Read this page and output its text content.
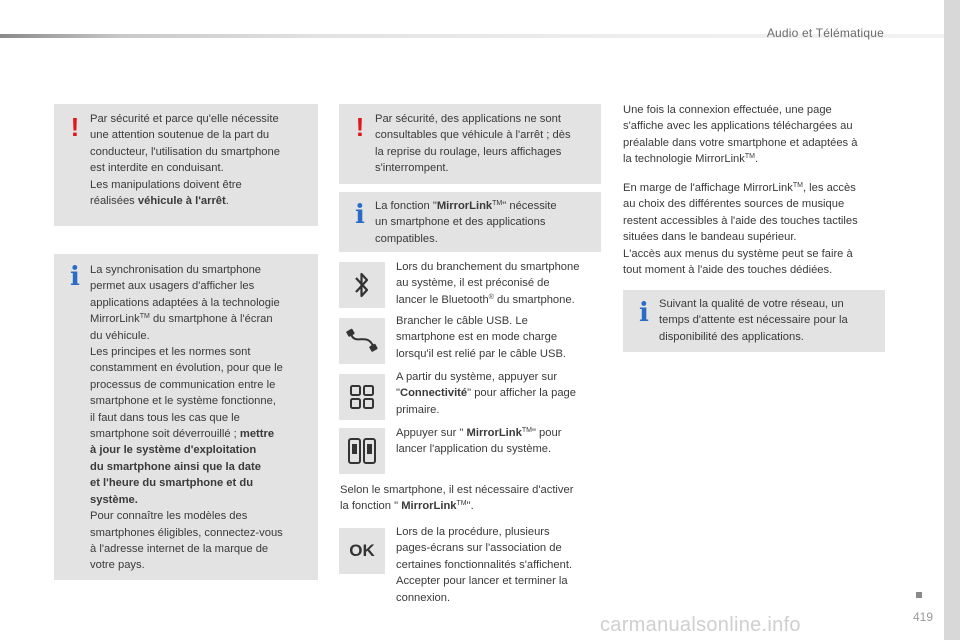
Audio et Télématique
! Par sécurité et parce qu'elle nécessite
une attention soutenue de la part du
conducteur, l'utilisation du smartphone
est interdite en conduisant.
Les manipulations doivent être
réalisées véhicule à l'arrêt.
i La synchronisation du smartphone
permet aux usagers d'afficher les
applications adaptées à la technologie
MirrorLink™ du smartphone à l'écran
du véhicule.
Les principes et les normes sont
constamment en évolution, pour que le
processus de communication entre le
smartphone et le système fonctionne,
il faut dans tous les cas que le
smartphone soit déverrouillé ; mettre
à jour le système d'exploitation
du smartphone ainsi que la date
et l'heure du smartphone et du
système.
Pour connaître les modèles des
smartphones éligibles, connectez-vous
à l'adresse internet de la marque de
votre pays.
! Par sécurité, des applications ne sont
consultables que véhicule à l'arrêt ; dès
la reprise du roulage, leurs affichages
s'interrompent.
i La fonction "MirrorLink™" nécessite
un smartphone et des applications
compatibles.
Lors du branchement du smartphone
au système, il est préconisé de
lancer le Bluetooth® du smartphone.
Brancher le câble USB. Le
smartphone est en mode charge
lorsqu'il est relié par le câble USB.
A partir du système, appuyer sur
"Connectivité" pour afficher la page
primaire.
Appuyer sur " MirrorLink™" pour
lancer l'application du système.
Selon le smartphone, il est nécessaire d'activer
la fonction " MirrorLink™".
OK
Lors de la procédure, plusieurs
pages-écrans sur l'association de
certaines fonctionnalités s'affichent.
Accepter pour lancer et terminer la
connexion.
Une fois la connexion effectuée, une page
s'affiche avec les applications téléchargées au
préalable dans votre smartphone et adaptées à
la technologie MirrorLink™.
En marge de l'affichage MirrorLink™, les accès
au choix des différentes sources de musique
restent accessibles à l'aide des touches tactiles
situées dans le bandeau supérieur.
L'accès aux menus du système peut se faire à
tout moment à l'aide des touches dédiées.
i Suivant la qualité de votre réseau, un
temps d'attente est nécessaire pour la
disponibilité des applications.
carmanualsonline.info	419
